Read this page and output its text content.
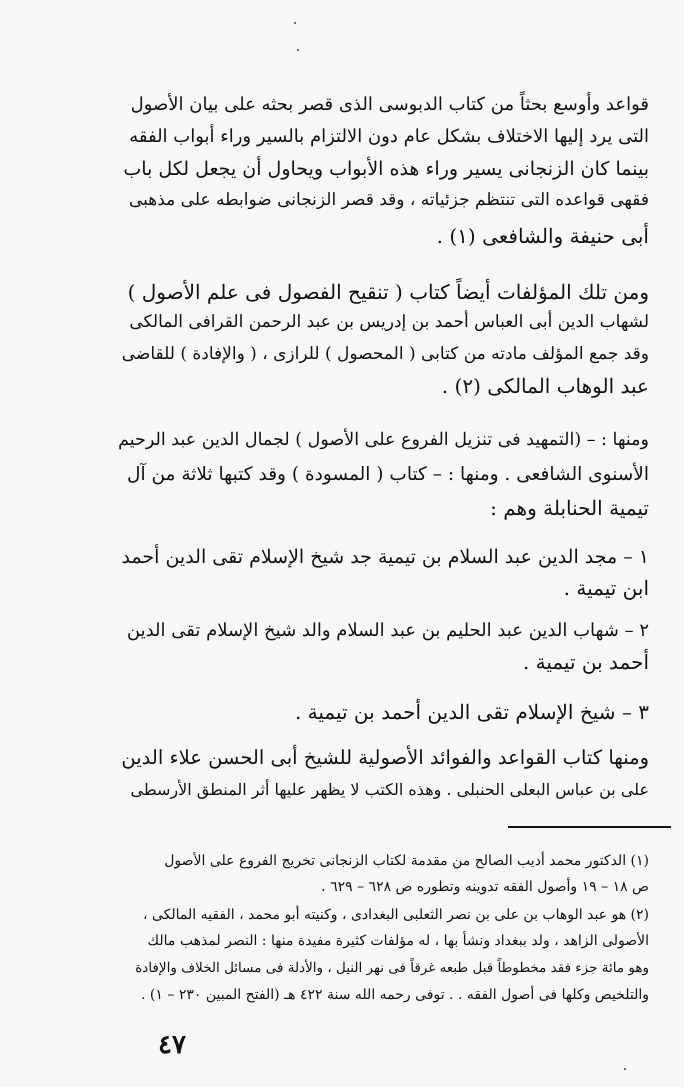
قواعد وأوسع بحثاً من كتاب الدبوسى الذى قصر بحثه على بيان الأصول
التى يرد إليها الاختلاف بشكل عام دون الالتزام بالسير وراء أبواب الفقه
بينما كان الزنجانى يسير وراء هذه الأبواب ويحاول أن يجعل لكل باب
فقهى قواعده التى تنتظم جزئياته ، وقد قصر الزنجانى ضوابطه على مذهبى
أبى حنيفة والشافعى (١) .
ومن تلك المؤلفات أيضاً كتاب ( تنقيح الفصول فى علم الأصول )
لشهاب الدين أبى العباس أحمد بن إدريس بن عبد الرحمن القرافى المالكى
وقد جمع المؤلف مادته من كتابى ( المحصول ) للرازى ، ( والإفادة ) للقاضى
عبد الوهاب المالكى (٢) .
ومنها : – (التمهيد فى تنزيل الفروع على الأصول ) لجمال الدين عبد الرحيم
الأسنوى الشافعى . ومنها : – كتاب ( المسودة ) وقد كتبها ثلاثة من آل
تيمية الحنابلة وهم :
١ – مجد الدين عبد السلام بن تيمية جد شيخ الإسلام تقى الدين أحمد
ابن تيمية .
٢ – شهاب الدين عبد الحليم بن عبد السلام والد شيخ الإسلام تقى الدين
أحمد بن تيمية .
٣ – شيخ الإسلام تقى الدين أحمد بن تيمية .
ومنها كتاب القواعد والفوائد الأصولية للشيخ أبى الحسن علاء الدين
على بن عباس البعلى الحنبلى . وهذه الكتب لا يظهر عليها أثر المنطق الأرسطى
(١) الدكتور محمد أديب الصالح من مقدمة لكتاب الزنجانى تخريج الفروع على الأصول
ص ١٨ – ١٩ وأصول الفقه تدوينه وتطوره ص ٦٢٨ – ٦٢٩ .
(٢) هو عبد الوهاب بن على بن نصر الثعلبى البغدادى ، وكنيته أبو محمد ، الفقيه المالكى ،
الأصولى الزاهد ، ولد ببغداد ونشأ بها ، له مؤلفات كثيرة مفيدة منها : النصر لمذهب مالك
وهو مائة جزء فقد مخطوطاً قبل طبعه غرقاً فى نهر النيل ، والأدلة فى مسائل الخلاف والإفادة
والتلخيص وكلها فى أصول الفقه . . توفى رحمه الله سنة ٤٢٢ هـ (الفتح المبين ٢٣٠ – ١) .
٤٧
